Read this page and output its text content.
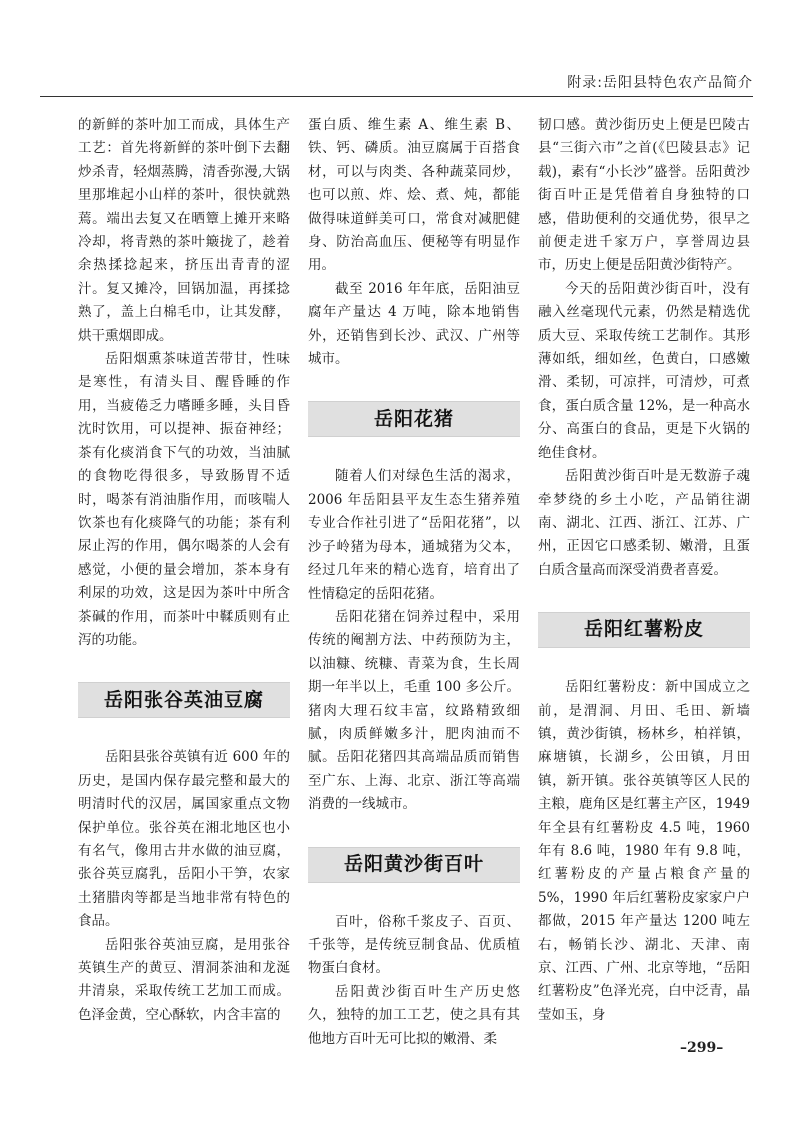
附录:岳阳县特色农产品简介

的新鲜的茶叶加工而成，具体生产工艺：首先将新鲜的茶叶倒下去翻炒杀青，轻烟蒸腾，清香弥漫,大锅里那堆起小山样的茶叶，很快就熟蔫。端出去复又在晒簟上摊开来略冷却，将青熟的茶叶簸拢了，趁着余热揉捻起来，挤压出青青的涩汁。复又摊冷，回锅加温，再揉捻熟了，盖上白棉毛巾，让其发酵，烘干熏烟即成。

岳阳烟熏茶味道苦带甘，性味是寒性，有清头目、醒昏睡的作用，当疲倦乏力嗜睡多睡，头目昏沈时饮用，可以提神、振奋神经；茶有化痰消食下气的功效，当油腻的食物吃得很多，导致肠胃不适时，喝茶有消油脂作用，而咳喘人饮茶也有化痰降气的功能；茶有利尿止泻的作用，偶尔喝茶的人会有感觉，小便的量会增加，茶本身有利尿的功效，这是因为茶叶中所含茶碱的作用，而茶叶中鞣质则有止泻的功能。

岳阳张谷英油豆腐

岳阳县张谷英镇有近 600 年的历史，是国内保存最完整和最大的明清时代的汉居，属国家重点文物保护单位。张谷英在湘北地区也小有名气，像用古井水做的油豆腐，张谷英豆腐乳，岳阳小干笋，农家土猪腊肉等都是当地非常有特色的食品。

岳阳张谷英油豆腐，是用张谷英镇生产的黄豆、渭洞茶油和龙涎井清泉，采取传统工艺加工而成。色泽金黄，空心酥软，内含丰富的

蛋白质、维生素 A、维生素 B、铁、钙、磷质。油豆腐属于百搭食材，可以与肉类、各种蔬菜同炒，也可以煎、炸、烩、煮、炖，都能做得味道鲜美可口，常食对减肥健身、防治高血压、便秘等有明显作用。

截至 2016 年年底，岳阳油豆腐年产量达 4 万吨，除本地销售外，还销售到长沙、武汉、广州等城市。

岳阳花猪

随着人们对绿色生活的渴求，2006 年岳阳县平友生态生猪养殖专业合作社引进了“岳阳花猪”，以沙子岭猪为母本，通城猪为父本，经过几年来的精心选育，培育出了性情稳定的岳阳花猪。

岳阳花猪在饲养过程中，采用传统的阉割方法、中药预防为主，以油糠、统糠、青菜为食，生长周期一年半以上，毛重 100 多公斤。猪肉大理石纹丰富，纹路精致细腻，肉质鲜嫩多汁，肥肉油而不腻。岳阳花猪四其高端品质而销售至广东、上海、北京、浙江等高端消费的一线城市。

岳阳黄沙街百叶

百叶，俗称千浆皮子、百页、千张等，是传统豆制食品、优质植物蛋白食材。

岳阳黄沙街百叶生产历史悠久，独特的加工工艺，使之具有其他地方百叶无可比拟的嫩滑、柔

韧口感。黄沙街历史上便是巴陵古县“三街六市”之首(《巴陵县志》记载)，素有“小长沙”盛誉。岳阳黄沙街百叶正是凭借着自身独特的口感，借助便利的交通优势，很早之前便走进千家万户，享誉周边县市，历史上便是岳阳黄沙街特产。

今天的岳阳黄沙街百叶，没有融入丝毫现代元素，仍然是精选优质大豆、采取传统工艺制作。其形薄如纸，细如丝，色黄白，口感嫩滑、柔韧，可凉拌，可清炒，可煮食，蛋白质含量 12%，是一种高水分、高蛋白的食品，更是下火锅的绝佳食材。

岳阳黄沙街百叶是无数游子魂牵梦绕的乡土小吃，产品销往湖南、湖北、江西、浙江、江苏、广州，正因它口感柔韧、嫩滑，且蛋白质含量高而深受消费者喜爱。

岳阳红薯粉皮

岳阳红薯粉皮：新中国成立之前，是渭洞、月田、毛田、新墙镇，黄沙街镇，杨林乡，柏祥镇，麻塘镇，长湖乡，公田镇，月田镇，新开镇。张谷英镇等区人民的主粮，鹿角区是红薯主产区，1949 年全县有红薯粉皮 4.5 吨，1960 年有 8.6 吨，1980 年有 9.8 吨，红薯粉皮的产量占粮食产量的 5%，1990 年后红薯粉皮家家户户都做，2015 年产量达 1200 吨左右，畅销长沙、湖北、天津、南京、江西、广州、北京等地，“岳阳红薯粉皮”色泽光亮，白中泛青，晶莹如玉，身

–299–
